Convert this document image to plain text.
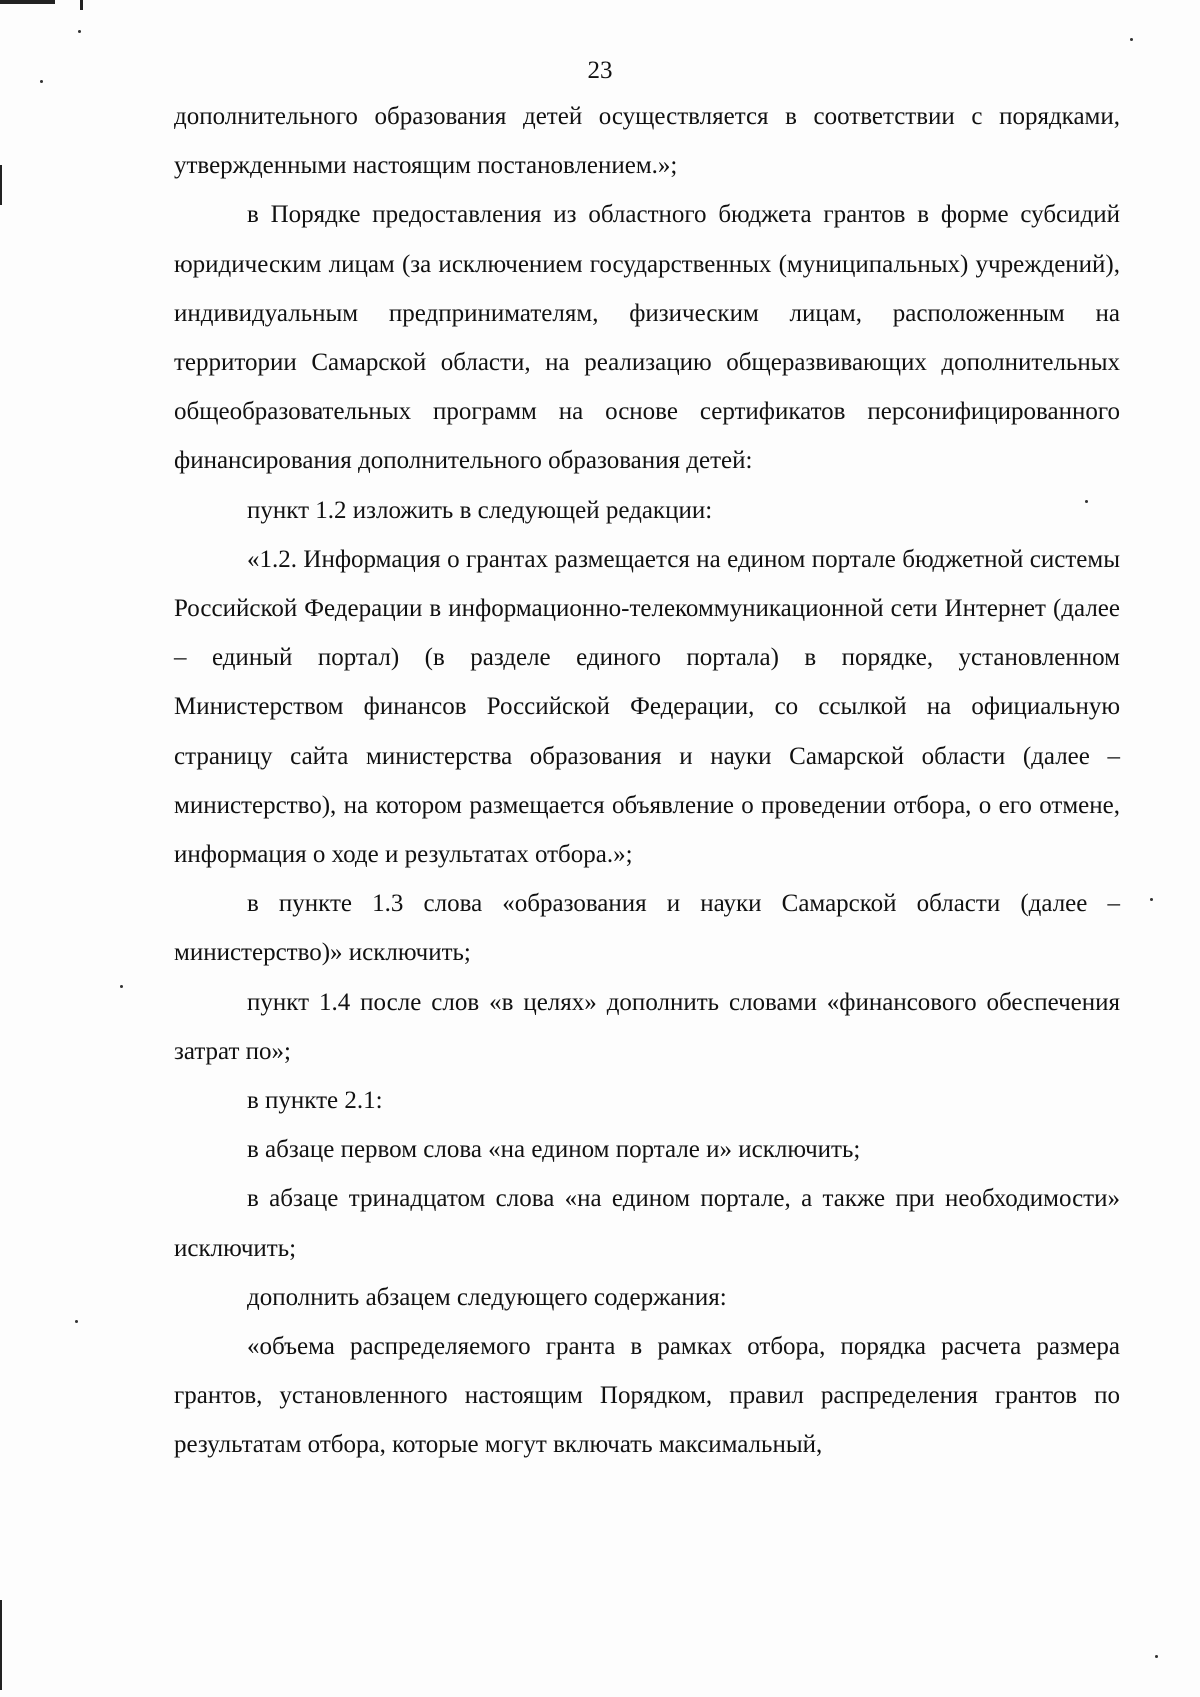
23

дополнительного образования детей осуществляется в соответствии с порядками, утвержденными настоящим постановлением.»;

в Порядке предоставления из областного бюджета грантов в форме субсидий юридическим лицам (за исключением государственных (муниципальных) учреждений), индивидуальным предпринимателям, физическим лицам, расположенным на территории Самарской области, на реализацию общеразвивающих дополнительных общеобразовательных программ на основе сертификатов персонифицированного финансирования дополнительного образования детей:

пункт 1.2 изложить в следующей редакции:

«1.2. Информация о грантах размещается на едином портале бюджетной системы Российской Федерации в информационно-телекоммуникационной сети Интернет (далее – единый портал) (в разделе единого портала) в порядке, установленном Министерством финансов Российской Федерации, со ссылкой на официальную страницу сайта министерства образования и науки Самарской области (далее – министерство), на котором размещается объявление о проведении отбора, о его отмене, информация о ходе и результатах отбора.»;

в пункте 1.3 слова «образования и науки Самарской области (далее – министерство)» исключить;

пункт 1.4 после слов «в целях» дополнить словами «финансового обеспечения затрат по»;

в пункте 2.1:

в абзаце первом слова «на едином портале и» исключить;

в абзаце тринадцатом слова «на едином портале, а также при необходимости» исключить;

дополнить абзацем следующего содержания:

«объема распределяемого гранта в рамках отбора, порядка расчета размера грантов, установленного настоящим Порядком, правил распределения грантов по результатам отбора, которые могут включать максимальный,
